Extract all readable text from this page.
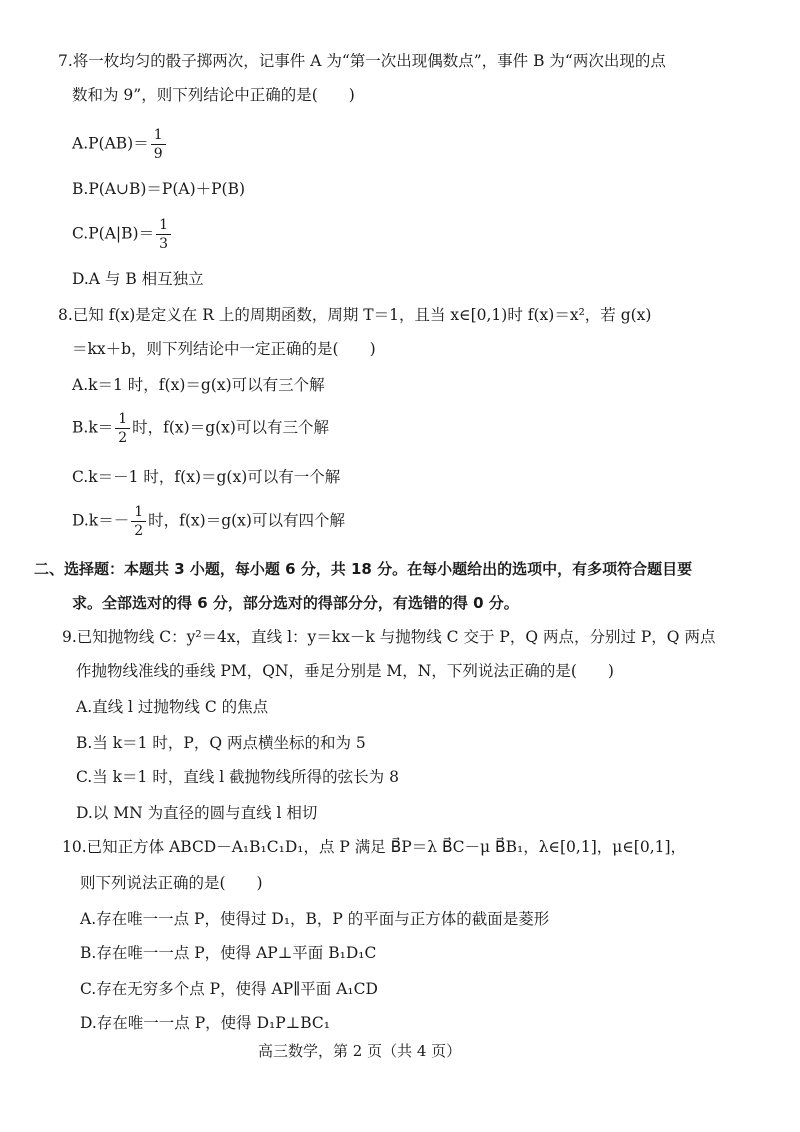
7.将一枚均匀的骰子掷两次，记事件 A 为“第一次出现偶数点”，事件 B 为“两次出现的点
数和为 9”，则下列结论中正确的是(　　)
$A.P(AB)= \frac{1}{9}$
B.P(A∪B)＝P(A)＋P(B)
$C.P(A|B)= \frac{1}{3}$
D.A 与 B 相互独立
8.已知 f(x)是定义在 R 上的周期函数，周期 T＝1，且当 x∈[0,1)时 f(x)＝x²，若 g(x)
＝kx＋b，则下列结论中一定正确的是(　　)
A.k＝1 时，f(x)＝g(x)可以有三个解
$B.k= \frac{1}{2}$ 时，f(x)＝g(x)可以有三个解
C.k＝－1 时，f(x)＝g(x)可以有一个解
$D.k=- \frac{1}{2}$ 时，f(x)＝g(x)可以有四个解
二、选择题：本题共 3 小题，每小题 6 分，共 18 分。在每小题给出的选项中，有多项符合题目要
求。全部选对的得 6 分，部分选对的得部分分，有选错的得 0 分。
9.已知抛物线 C：y²＝4x，直线 l：y＝kx－k 与抛物线 C 交于 P，Q 两点，分别过 P，Q 两点
作抛物线准线的垂线 PM，QN，垂足分别是 M，N，下列说法正确的是(　　)
A.直线 l 过抛物线 C 的焦点
B.当 k＝1 时，P，Q 两点横坐标的和为 5
C.当 k＝1 时，直线 l 截抛物线所得的弦长为 8
D.以 MN 为直径的圆与直线 l 相切
10.已知正方体 ABCD－A₁B₁C₁D₁，点 P 满足 B⃗P＝λ B⃗C－μ B⃗B₁，λ∈[0,1]，μ∈[0,1]，
则下列说法正确的是(　　)
A.存在唯一一点 P，使得过 D₁，B，P 的平面与正方体的截面是菱形
B.存在唯一一点 P，使得 AP⊥平面 B₁D₁C
C.存在无穷多个点 P，使得 AP∥平面 A₁CD
D.存在唯一一点 P，使得 D₁P⊥BC₁
高三数学，第 2 页（共 4 页）
